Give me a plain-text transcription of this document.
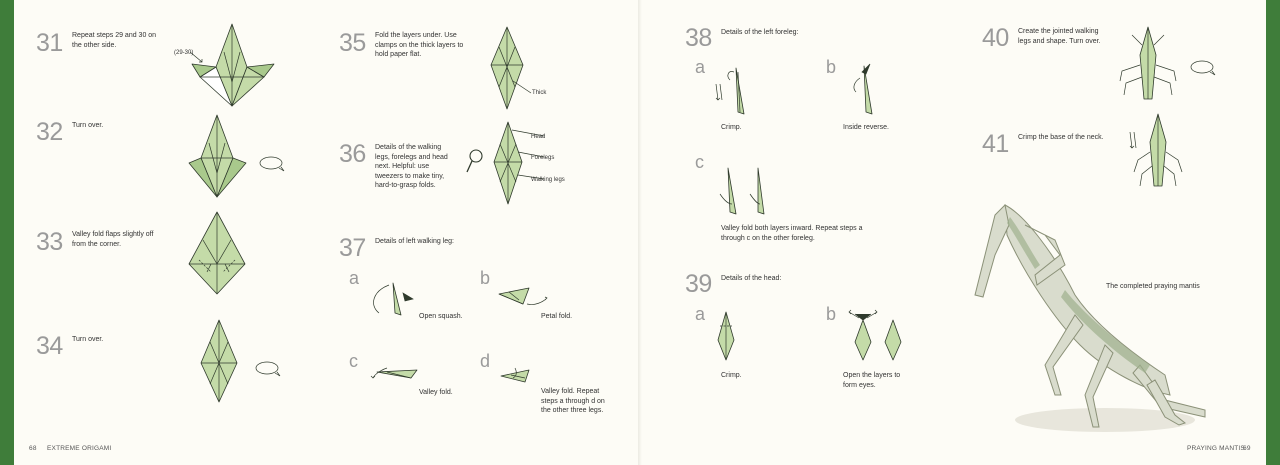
31 Repeat steps 29 and 30 on the other side.
(29-30)
32 Turn over.
33 Valley fold flaps slightly off from the corner.
34 Turn over.
35 Fold the layers under. Use clamps on the thick layers to hold paper flat.
Thick
36 Details of the walking legs, forelegs and head next. Helpful: use tweezers to make tiny, hard-to-grasp folds.
Head
Forelegs
Walking legs
37 Details of left walking leg:
a
Open squash.
b
Petal fold.
c
Valley fold.
d
Valley fold. Repeat steps a through d on the other three legs.
68 EXTREME ORIGAMI
38 Details of the left foreleg:
a
Crimp.
b
Inside reverse.
c
Valley fold both layers inward. Repeat steps a through c on the other foreleg.
39 Details of the head:
a
Crimp.
b
Open the layers to form eyes.
40 Create the jointed walking legs and shape. Turn over.
41 Crimp the base of the neck.
The completed praying mantis
PRAYING MANTIS
69
